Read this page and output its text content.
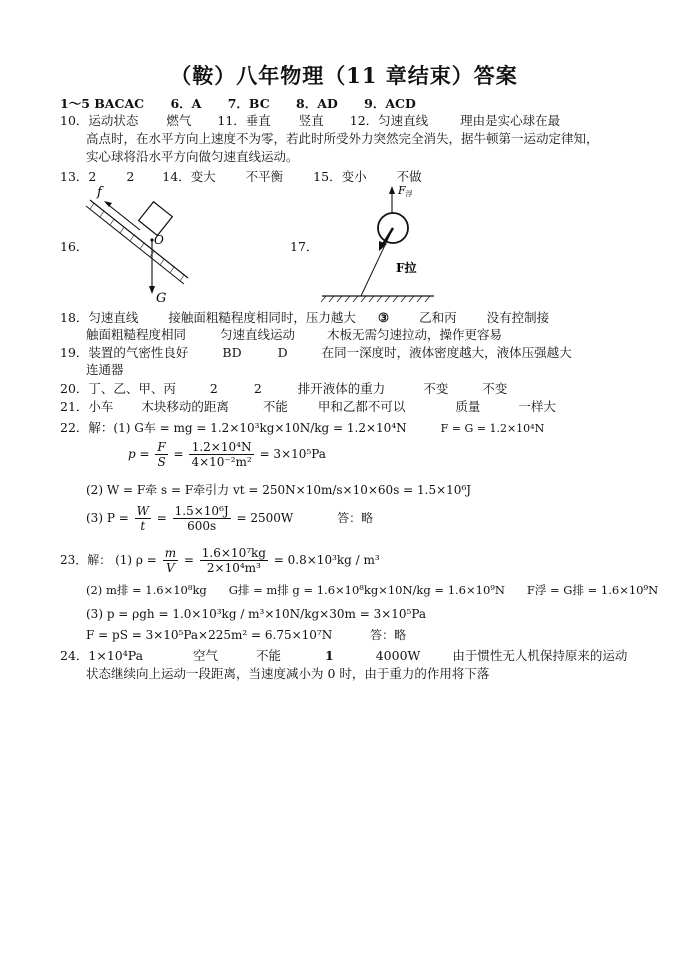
（鞍）八年物理（11 章结束）答案
1～5 BACAC 6．A 7．BC 8．AD 9．ACD
10．运动状态 燃气 11．垂直 竖直 12．匀速直线	理由是实心球在最
高点时，在水平方向上速度不为零，若此时所受外力突然完全消失，据牛顿第一运动定律知，
实心球将沿水平方向做匀速直线运动。
13．2 2 14．变大 不平衡 15．变小 不做
16．	17．
f
O
G
F浮
F拉
18．匀速直线 接触面粗糙程度相同时，压力越大 ③ 乙和丙 没有控制接
触面粗糙程度相同	匀速直线运动	木板无需匀速拉动，操作更容易
19．装置的气密性良好	BD	D	在同一深度时，液体密度越大，液体压强越大
连通器
20．丁、乙、甲、丙	2	2	排开液体的重力	不变	不变
21．小车 木块移动的距离	不能 甲和乙都不可以	质量	一样大
22．解：(1) G车 = mg = 1.2×10³kg×10N/kg = 1.2×10⁴N	F = G = 1.2×10⁴N
$p = \frac{F}{S} = \frac{\text{1.2×10⁴N}}{\text{4×10⁻²m²}} = 3\times 10^5Pa$
(2) W = F牵 s = F牵引力 vt = 250N×10m/s×10×60s = 1.5×10⁶J
(3) $P = \frac{W}{t} = \frac{\text{1.5×10⁶J}}{600s} = 2500W$	答：略
23．解： (1) $\rho = \frac{m}{V} = \frac{\text{1.6×10⁷kg}}{\text{2×10⁴m³}} = 0.8\times 10^3kg / m^3$
(2) m排 = 1.6×10⁸kg      G排 = m排 g = 1.6×10⁸kg×10N/kg = 1.6×10⁹N      F浮 = G排 = 1.6×10⁹N
(3) p = ρgh = 1.0×10³kg / m³×10N/kg×30m = 3×10⁵Pa
F = pS = 3×10⁵Pa×225m² = 6.75×10⁷N	答：略
24．1×10⁴Pa	空气	不能	1	4000W	由于惯性无人机保持原来的运动
状态继续向上运动一段距离，当速度减小为 0 时，由于重力的作用将下落
